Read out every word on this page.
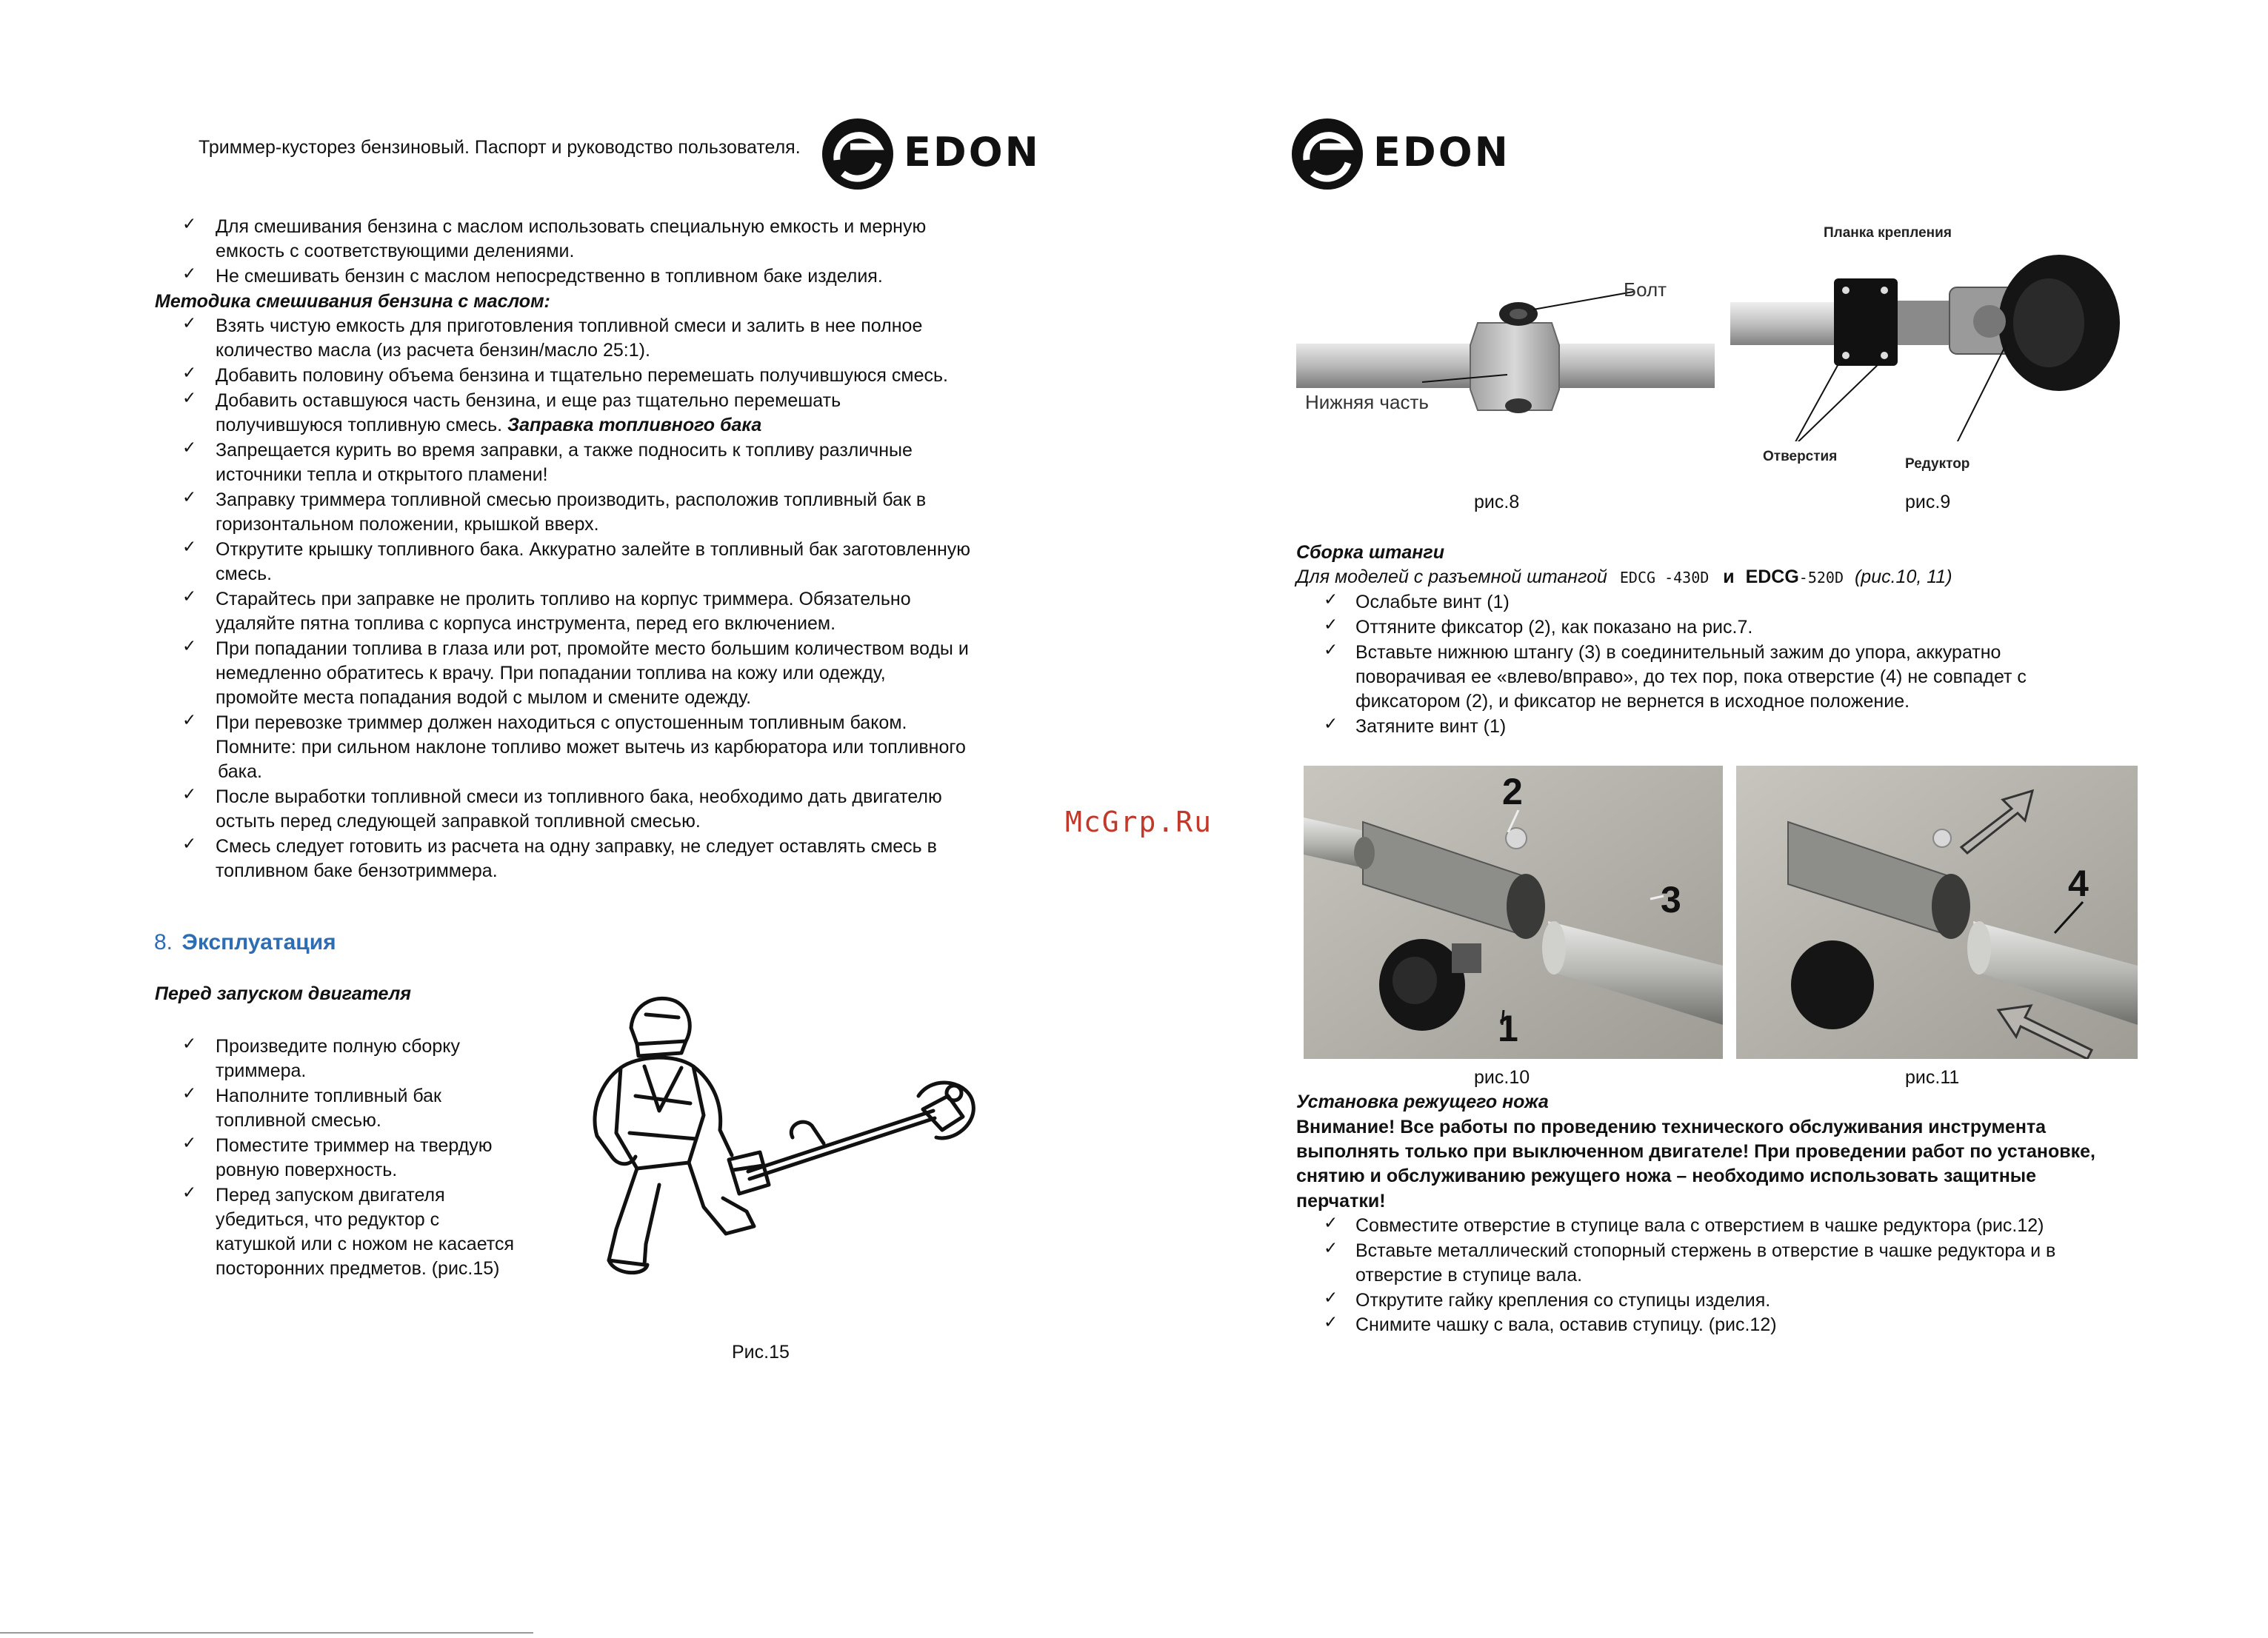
Триммер-кусторез бензиновый. Паспорт и руководство пользователя.	EDON
✓ Для смешивания бензина с маслом использовать специальную емкость и мерную
емкость с соответствующими делениями.
✓ Не смешивать бензин с маслом непосредственно в топливном баке изделия.
Методика смешивания бензина с маслом:
✓ Взять чистую емкость для приготовления топливной смеси и залить в нее полное
количество масла (из расчета бензин/масло 25:1).
✓ Добавить половину объема бензина и тщательно перемешать получившуюся смесь.
✓ Добавить оставшуюся часть бензина, и еще раз тщательно перемешать
получившуюся топливную смесь. Заправка топливного бака
✓ Запрещается курить во время заправки, а также подносить к топливу различные
источники тепла и открытого пламени!
✓ Заправку триммера топливной смесью производить, расположив топливный бак в
горизонтальном положении, крышкой вверх.
✓ Открутите крышку топливного бака. Аккуратно залейте в топливный бак заготовленную
смесь.
✓ Старайтесь при заправке не пролить топливо на корпус триммера. Обязательно
удаляйте пятна топлива с корпуса инструмента, перед его включением.
✓ При попадании топлива в глаза или рот, промойте место большим количеством воды и
немедленно обратитесь к врачу. При попадании топлива на кожу или одежду,
промойте места попадания водой с мылом и смените одежду.
✓ При перевозке триммер должен находиться с опустошенным топливным баком.
Помните: при сильном наклоне топливо может вытечь из карбюратора или топливного
бака.
✓ После выработки топливной смеси из топливного бака, необходимо дать двигателю
остыть перед следующей заправкой топливной смесью.
✓ Смесь следует готовить из расчета на одну заправку, не следует оставлять смесь в
топливном баке бензотриммера.
8. Эксплуатация
Перед запуском двигателя
✓ Произведите полную сборку
триммера.
✓ Наполните топливный бак
топливной смесью.
✓ Поместите триммер на твердую
ровную поверхность.
✓ Перед запуском двигателя
убедиться, что редуктор с
катушкой или с ножом не касается
посторонних предметов. (рис.15)
Рис.15
McGrp.Ru
EDON
Болт
Нижняя часть
рис.8
Планка крепления
Отверстия	Редуктор
рис.9
Сборка штанги
Для моделей с разъемной штангой EDCG -430D и EDCG-520D (рис.10, 11)
✓ Ослабьте винт (1)
✓ Оттяните фиксатор (2), как показано на рис.7.
✓ Вставьте нижнюю штангу (3) в соединительный зажим до упора, аккуратно
поворачивая ее «влево/вправо», до тех пор, пока отверстие (4) не совпадет с
фиксатором (2), и фиксатор не вернется в исходное положение.
✓ Затяните винт (1)
2
3
1
рис.10
4
рис.11
Установка режущего ножа
Внимание! Все работы по проведению технического обслуживания инструмента
выполнять только при выключенном двигателе! При проведении работ по установке,
снятию и обслуживанию режущего ножа – необходимо использовать защитные
перчатки!
✓ Совместите отверстие в ступице вала с отверстием в чашке редуктора (рис.12)
✓ Вставьте металлический стопорный стержень в отверстие в чашке редуктора и в
отверстие в ступице вала.
✓ Открутите гайку крепления со ступицы изделия.
✓ Снимите чашку с вала, оставив ступицу. (рис.12)
